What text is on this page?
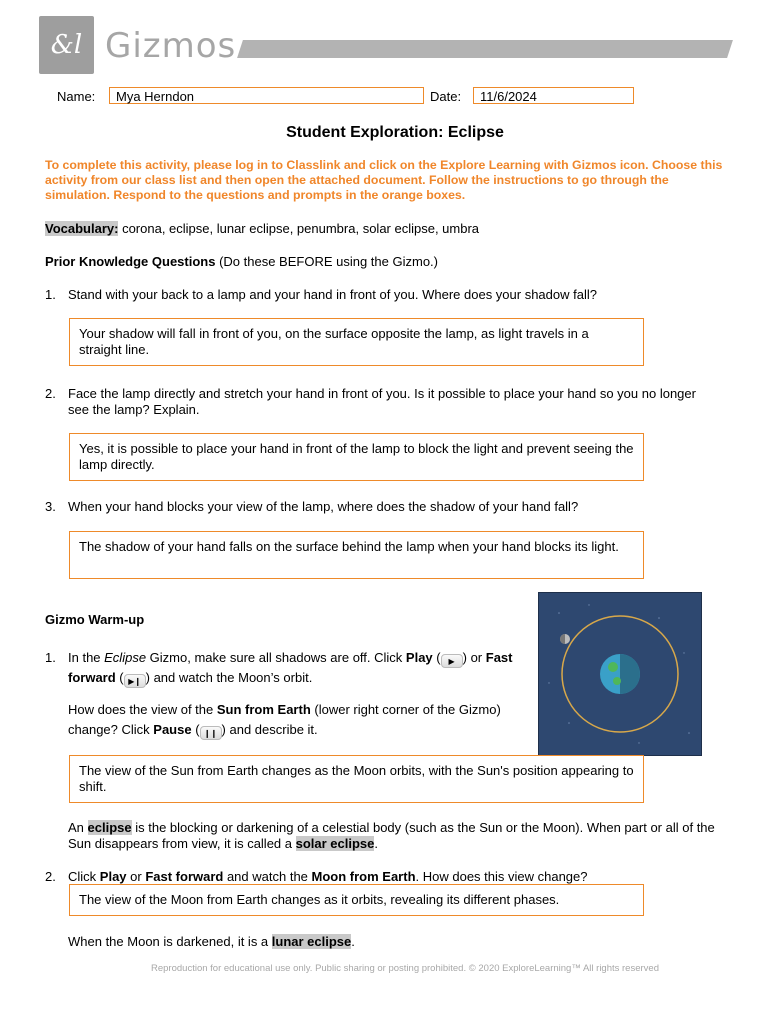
&l Gizmos
Name:	Mya Herndon	Date:	11/6/2024
Student Exploration: Eclipse
To complete this activity, please log in to Classlink and click on the Explore Learning with Gizmos icon. Choose this activity from our class list and then open the attached document. Follow the instructions to go through the simulation. Respond to the questions and prompts in the orange boxes.
Vocabulary: corona, eclipse, lunar eclipse, penumbra, solar eclipse, umbra
Prior Knowledge Questions (Do these BEFORE using the Gizmo.)
1. Stand with your back to a lamp and your hand in front of you. Where does your shadow fall?
Your shadow will fall in front of you, on the surface opposite the lamp, as light travels in a straight line.
2. Face the lamp directly and stretch your hand in front of you. Is it possible to place your hand so you no longer see the lamp? Explain.
Yes, it is possible to place your hand in front of the lamp to block the light and prevent seeing the lamp directly.
3. When your hand blocks your view of the lamp, where does the shadow of your hand fall?
The shadow of your hand falls on the surface behind the lamp when your hand blocks its light.
Gizmo Warm-up
1. In the Eclipse Gizmo, make sure all shadows are off. Click Play ( ▶ ) or Fast
forward ( ▶❙ ) and watch the Moon’s orbit.
How does the view of the Sun from Earth (lower right corner of the Gizmo)
change? Click Pause ( ❙❙ ) and describe it.
The view of the Sun from Earth changes as the Moon orbits, with the Sun's position appearing to shift.
An eclipse is the blocking or darkening of a celestial body (such as the Sun or the Moon). When part or all of the Sun disappears from view, it is called a solar eclipse.
2. Click Play or Fast forward and watch the Moon from Earth. How does this view change?
The view of the Moon from Earth changes as it orbits, revealing its different phases.
When the Moon is darkened, it is a lunar eclipse.
Reproduction for educational use only. Public sharing or posting prohibited. © 2020 ExploreLearning™ All rights reserved
